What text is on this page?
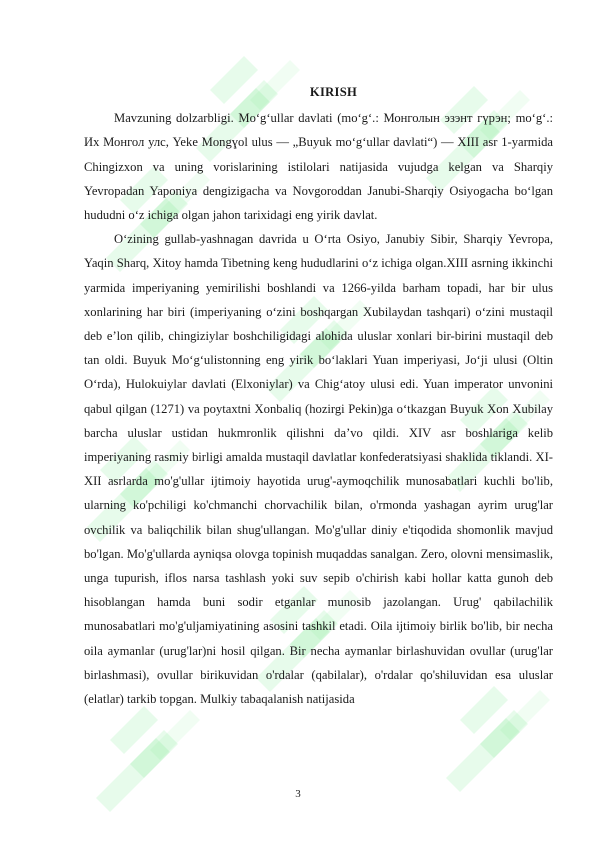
KIRISH

Mavzuning dolzarbligi. Mo‘g‘ullar davlati (mo‘g‘.: Монголын эзэнт гүрэн; mo‘g‘.: Их Монгол улс, Yeke Mongɣol ulus — „Buyuk mo‘g‘ullar davlati“) — XIII asr 1-yarmida Chingizxon va uning vorislarining istilolari natijasida vujudga kelgan va Sharqiy Yevropadan Yaponiya dengizigacha va Novgoroddan Janubi-Sharqiy Osiyogacha bo‘lgan hududni o‘z ichiga olgan jahon tarixidagi eng yirik davlat.

O‘zining gullab-yashnagan davrida u O‘rta Osiyo, Janubiy Sibir, Sharqiy Yevropa, Yaqin Sharq, Xitoy hamda Tibetning keng hududlarini o‘z ichiga olgan.XIII asrning ikkinchi yarmida imperiyaning yemirilishi boshlandi va 1266-yilda barham topadi, har bir ulus xonlarining har biri (imperiyaning o‘zini boshqargan Xubilaydan tashqari) o‘zini mustaqil deb e’lon qilib, chingiziylar boshchiligidagi alohida uluslar xonlari bir-birini mustaqil deb tan oldi. Buyuk Mo‘g‘ulistonning eng yirik bo‘laklari Yuan imperiyasi, Jo‘ji ulusi (Oltin O‘rda), Hulokuiylar davlati (Elxoniylar) va Chig‘atoy ulusi edi. Yuan imperator unvonini qabul qilgan (1271) va poytaxtni Xonbaliq (hozirgi Pekin)ga o‘tkazgan Buyuk Xon Xubilay barcha uluslar ustidan hukmronlik qilishni da’vo qildi. XIV asr boshlariga kelib imperiyaning rasmiy birligi amalda mustaqil davlatlar konfederatsiyasi shaklida tiklandi. XI-XII asrlarda mo'g'ullar ijtimoiy hayotida urug'-aymoqchilik munosabatlari kuchli bo'lib, ularning ko'pchiligi ko'chmanchi chorvachilik bilan, o'rmonda yashagan ayrim urug'lar ovchilik va baliqchilik bilan shug'ullangan. Mo'g'ullar diniy e'tiqodida shomonlik mavjud bo'lgan. Mo'g'ullarda ayniqsa olovga topinish muqaddas sanalgan. Zero, olovni mensimaslik, unga tupurish, iflos narsa tashlash yoki suv sepib o'chirish kabi hollar katta gunoh deb hisoblangan hamda buni sodir etganlar munosib jazolangan. Urug' qabilachilik munosabatlari mo'g'uljamiyatining asosini tashkil etadi. Oila ijtimoiy birlik bo'lib, bir necha oila aymanlar (urug'lar)ni hosil qilgan. Bir necha aymanlar birlashuvidan ovullar (urug'lar birlashmasi), ovullar birikuvidan o'rdalar (qabilalar), o'rdalar qo'shiluvidan esa uluslar (elatlar) tarkib topgan. Mulkiy tabaqalanish natijasida

3
